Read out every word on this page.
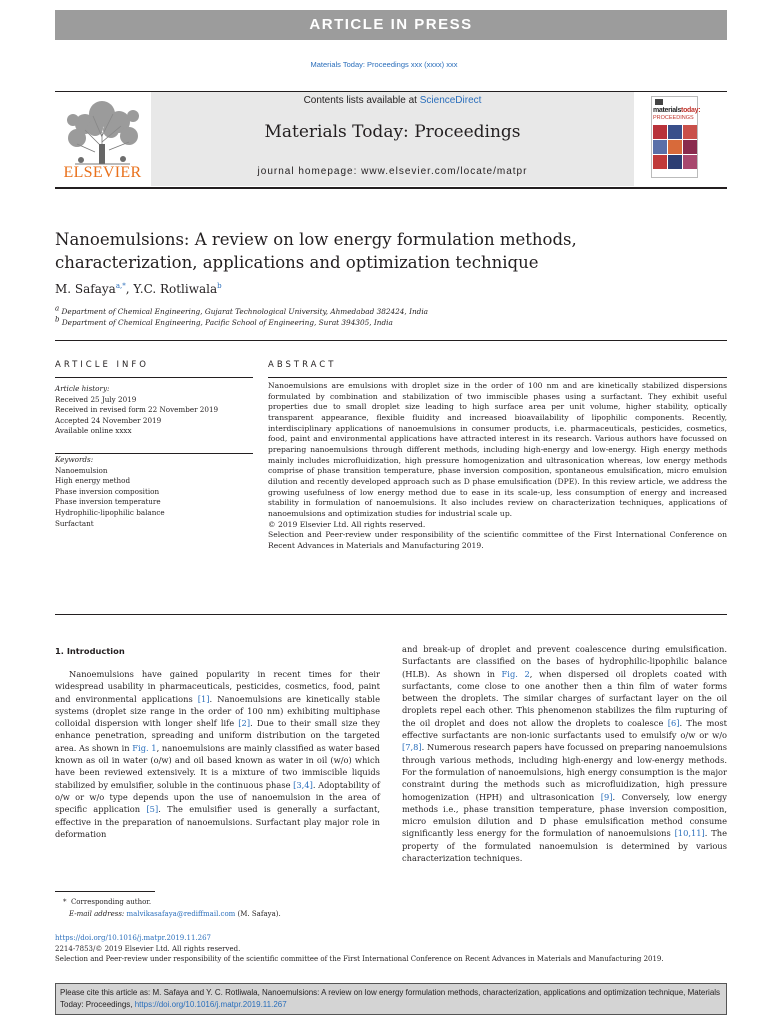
ARTICLE IN PRESS
Materials Today: Proceedings xxx (xxxx) xxx
ELSEVIER
Contents lists available at ScienceDirect
Materials Today: Proceedings
journal homepage: www.elsevier.com/locate/matpr
materialstoday:
PROCEEDINGS
Nanoemulsions: A review on low energy formulation methods,
characterization, applications and optimization technique
M. Safaya$^{a,*}$, Y.C. Rotliwala$^b$
$^a$ Department of Chemical Engineering, Gujarat Technological University, Ahmedabad 382424, India
$^b$ Department of Chemical Engineering, Pacific School of Engineering, Surat 394305, India
ARTICLE INFO	ABSTRACT
Article history:
Received 25 July 2019
Received in revised form 22 November 2019
Accepted 24 November 2019
Available online xxxx
Keywords:
Nanoemulsion
High energy method
Phase inversion composition
Phase inversion temperature
Hydrophilic-lipophilic balance
Surfactant

Nanoemulsions are emulsions with droplet size in the order of 100 nm and are kinetically stabilized dispersions formulated by combination and stabilization of two immiscible phases using a surfactant. They exhibit useful properties due to small droplet size leading to high surface area per unit volume, higher stability, optically transparent appearance, flexible fluidity and increased bioavailability of lipophilic components. Recently, interdisciplinary applications of nanoemulsions in consumer products, i.e. pharmaceuticals, pesticides, cosmetics, food, paint and environmental applications have attracted interest in its research. Various authors have focussed on preparing nanoemulsions through different methods, including high-energy and low-energy. High energy methods mainly includes microfluidization, high pressure homogenization and ultrasonication whereas, low energy methods comprise of phase transition temperature, phase inversion composition, spontaneous emulsification, micro emulsion dilution and recently developed approach such as D phase emulsification (DPE). In this review article, we address the growing usefulness of low energy method due to ease in its scale-up, less consumption of energy and increased stability in formulation of nanoemulsions. It also includes review on characterization techniques, applications of nanoemulsions and optimization studies for industrial scale up.

© 2019 Elsevier Ltd. All rights reserved.

Selection and Peer-review under responsibility of the scientific committee of the First International Conference on Recent Advances in Materials and Manufacturing 2019.

1. Introduction

Nanoemulsions have gained popularity in recent times for their widespread usability in pharmaceuticals, pesticides, cosmetics, food, paint and environmental applications [1]. Nanoemulsions are kinetically stable systems (droplet size range in the order of 100 nm) exhibiting multiphase colloidal dispersion with longer shelf life [2]. Due to their small size they enhance penetration, spreading and uniform distribution on the targeted area. As shown in Fig. 1, nanoemulsions are mainly classified as water based known as oil in water (o/w) and oil based known as water in oil (w/o) which have been reviewed extensively. It is a mixture of two immiscible liquids stabilized by emulsifier, soluble in the continuous phase [3,4]. Adoptability of o/w or w/o type depends upon the use of nanoemulsion in the area of specific application [5]. The emulsifier used is generally a surfactant, effective in the preparation of nanoemulsions. Surfactant play major role in deformation

and break-up of droplet and prevent coalescence during emulsification. Surfactants are classified on the bases of hydrophilic-lipophilic balance (HLB). As shown in Fig. 2, when dispersed oil droplets coated with surfactants, come close to one another then a thin film of water forms between the droplets. The similar charges of surfactant layer on the oil droplets repel each other. This phenomenon stabilizes the film rupturing of the oil droplet and does not allow the droplets to coalesce [6]. The most effective surfactants are non-ionic surfactants used to emulsify o/w or w/o [7,8]. Numerous research papers have focussed on preparing nanoemulsions through various methods, including high-energy and low-energy methods. For the formulation of nanoemulsions, high energy consumption is the major constraint during the methods such as microfluidization, high pressure homogenization (HPH) and ultrasonication [9]. Conversely, low energy methods i.e., phase transition temperature, phase inversion composition, micro emulsion dilution and D phase emulsification method consume significantly less energy for the formulation of nanoemulsions [10,11]. The property of the formulated nanoemulsion is determined by various characterization techniques.

* Corresponding author.
E-mail address: malvikasafaya@rediffmail.com (M. Safaya).
https://doi.org/10.1016/j.matpr.2019.11.267
2214-7853/© 2019 Elsevier Ltd. All rights reserved.
Selection and Peer-review under responsibility of the scientific committee of the First International Conference on Recent Advances in Materials and Manufacturing 2019.
Please cite this article as: M. Safaya and Y. C. Rotliwala, Nanoemulsions: A review on low energy formulation methods, characterization, applications and optimization technique, Materials Today: Proceedings, https://doi.org/10.1016/j.matpr.2019.11.267
